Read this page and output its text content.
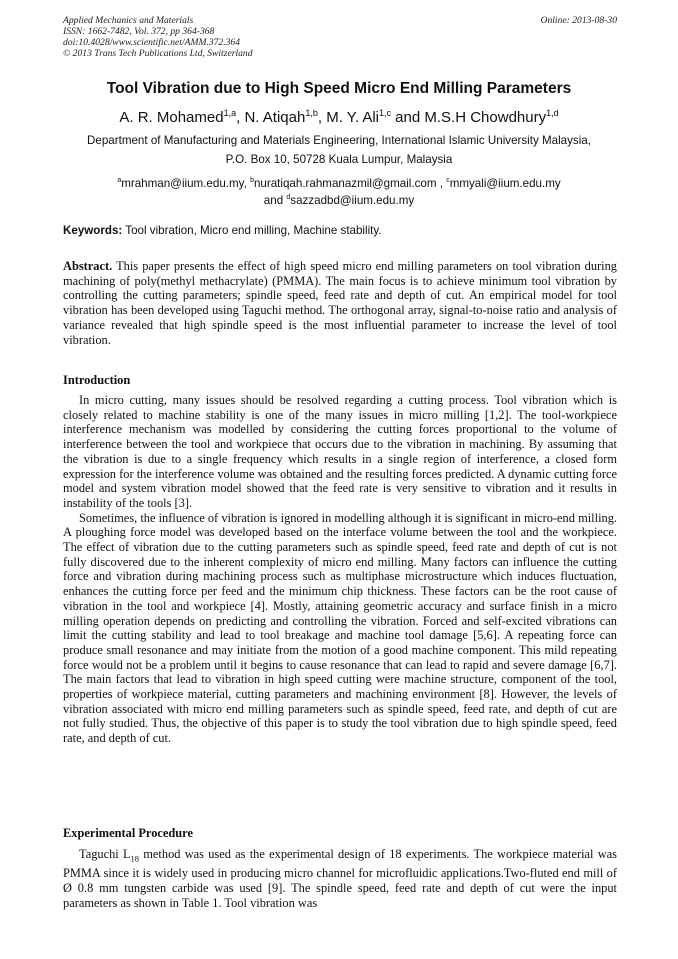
Applied Mechanics and Materials
ISSN: 1662-7482, Vol. 372, pp 364-368
doi:10.4028/www.scientific.net/AMM.372.364
© 2013 Trans Tech Publications Ltd, Switzerland
Online: 2013-08-30
Tool Vibration due to High Speed Micro End Milling Parameters
A. R. Mohamed$^{1,a}$, N. Atiqah$^{1,b}$, M. Y. Ali$^{1,c}$ and M.S.H Chowdhury$^{1,d}$
Department of Manufacturing and Materials Engineering, International Islamic University Malaysia,
P.O. Box 10, 50728 Kuala Lumpur, Malaysia
$^a$mrahman@iium.edu.my, $^b$nuratiqah.rahmanazmil@gmail.com , $^c$mmyali@iium.edu.my
and $^d$sazzadbd@iium.edu.my
Keywords: Tool vibration, Micro end milling, Machine stability.
Abstract. This paper presents the effect of high speed micro end milling parameters on tool vibration during machining of poly(methyl methacrylate) (PMMA). The main focus is to achieve minimum tool vibration by controlling the cutting parameters; spindle speed, feed rate and depth of cut. An empirical model for tool vibration has been developed using Taguchi method. The orthogonal array, signal-to-noise ratio and analysis of variance revealed that high spindle speed is the most influential parameter to increase the level of tool vibration.
Introduction

In micro cutting, many issues should be resolved regarding a cutting process. Tool vibration which is closely related to machine stability is one of the many issues in micro milling [1,2]. The tool-workpiece interference mechanism was modelled by considering the cutting forces proportional to the volume of interference between the tool and workpiece that occurs due to the vibration in machining. By assuming that the vibration is due to a single frequency which results in a single region of interference, a closed form expression for the interference volume was obtained and the resulting forces predicted. A dynamic cutting force model and system vibration model showed that the feed rate is very sensitive to vibration and it results in instability of the tools [3].

Sometimes, the influence of vibration is ignored in modelling although it is significant in micro-end milling. A ploughing force model was developed based on the interface volume between the tool and the workpiece. The effect of vibration due to the cutting parameters such as spindle speed, feed rate and depth of cut is not fully discovered due to the inherent complexity of micro end milling. Many factors can influence the cutting force and vibration during machining process such as multiphase microstructure which induces fluctuation, enhances the cutting force per feed and the minimum chip thickness. These factors can be the root cause of vibration in the tool and workpiece [4]. Mostly, attaining geometric accuracy and surface finish in a micro milling operation depends on predicting and controlling the vibration. Forced and self-excited vibrations can limit the cutting stability and lead to tool breakage and machine tool damage [5,6]. A repeating force can produce small resonance and may initiate from the motion of a good machine component. This mild repeating force would not be a problem until it begins to cause resonance that can lead to rapid and severe damage [6,7]. The main factors that lead to vibration in high speed cutting were machine structure, component of the tool, properties of workpiece material, cutting parameters and machining environment [8]. However, the levels of vibration associated with micro end milling parameters such as spindle speed, feed rate, and depth of cut are not fully studied. Thus, the objective of this paper is to study the tool vibration due to high spindle speed, feed rate, and depth of cut.

Experimental Procedure

Taguchi $L_{18}$ method was used as the experimental design of 18 experiments. The workpiece material was PMMA since it is widely used in producing micro channel for microfluidic applications.Two-fluted end mill of Ø 0.8 mm tungsten carbide was used [9]. The spindle speed, feed rate and depth of cut were the input parameters as shown in Table 1. Tool vibration was
